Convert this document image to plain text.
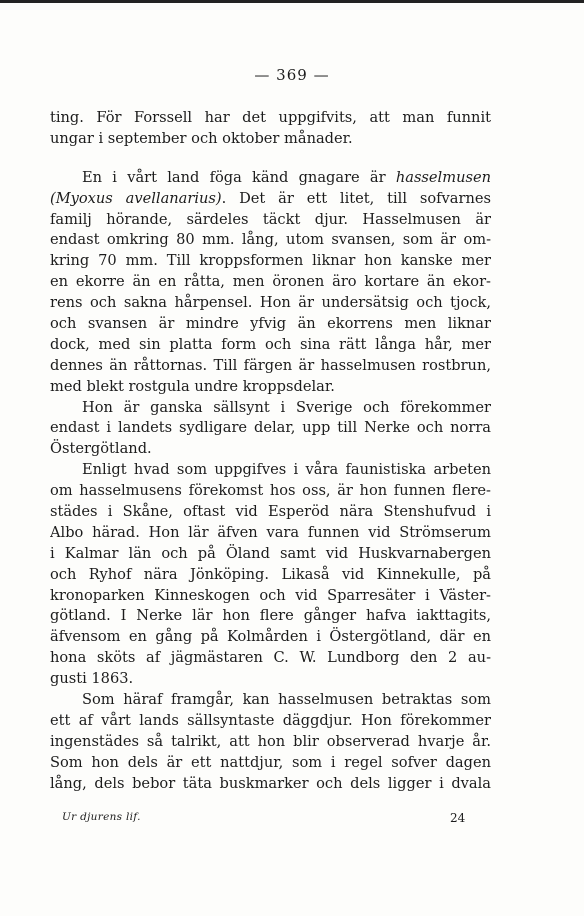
— 369 —
ting. För Forssell har det uppgifvits, att man funnit
ungar i september och oktober månader.
En i vårt land föga känd gnagare är hasselmusen
(Myoxus avellanarius). Det är ett litet, till sofvarnes
familj hörande, särdeles täckt djur. Hasselmusen är
endast omkring 80 mm. lång, utom svansen, som är om-
kring 70 mm. Till kroppsformen liknar hon kanske mer
en ekorre än en råtta, men öronen äro kortare än ekor-
rens och sakna hårpensel. Hon är undersätsig och tjock,
och svansen är mindre yfvig än ekorrens men liknar
dock, med sin platta form och sina rätt långa hår, mer
dennes än råttornas. Till färgen är hasselmusen rostbrun,
med blekt rostgula undre kroppsdelar.
Hon är ganska sällsynt i Sverige och förekommer
endast i landets sydligare delar, upp till Nerke och norra
Östergötland.
Enligt hvad som uppgifves i våra faunistiska arbeten
om hasselmusens förekomst hos oss, är hon funnen flere-
städes i Skåne, oftast vid Esperöd nära Stenshufvud i
Albo härad. Hon lär äfven vara funnen vid Strömserum
i Kalmar län och på Öland samt vid Huskvarnabergen
och Ryhof nära Jönköping. Likaså vid Kinnekulle, på
kronoparken Kinneskogen och vid Sparresäter i Väster-
götland. I Nerke lär hon flere gånger hafva iakttagits,
äfvensom en gång på Kolmården i Östergötland, där en
hona sköts af jägmästaren C. W. Lundborg den 2 au-
gusti 1863.
Som häraf framgår, kan hasselmusen betraktas som
ett af vårt lands sällsyntaste däggdjur. Hon förekommer
ingenstädes så talrikt, att hon blir observerad hvarje år.
Som hon dels är ett nattdjur, som i regel sofver dagen
lång, dels bebor täta buskmarker och dels ligger i dvala
Ur djurens lif.	24
